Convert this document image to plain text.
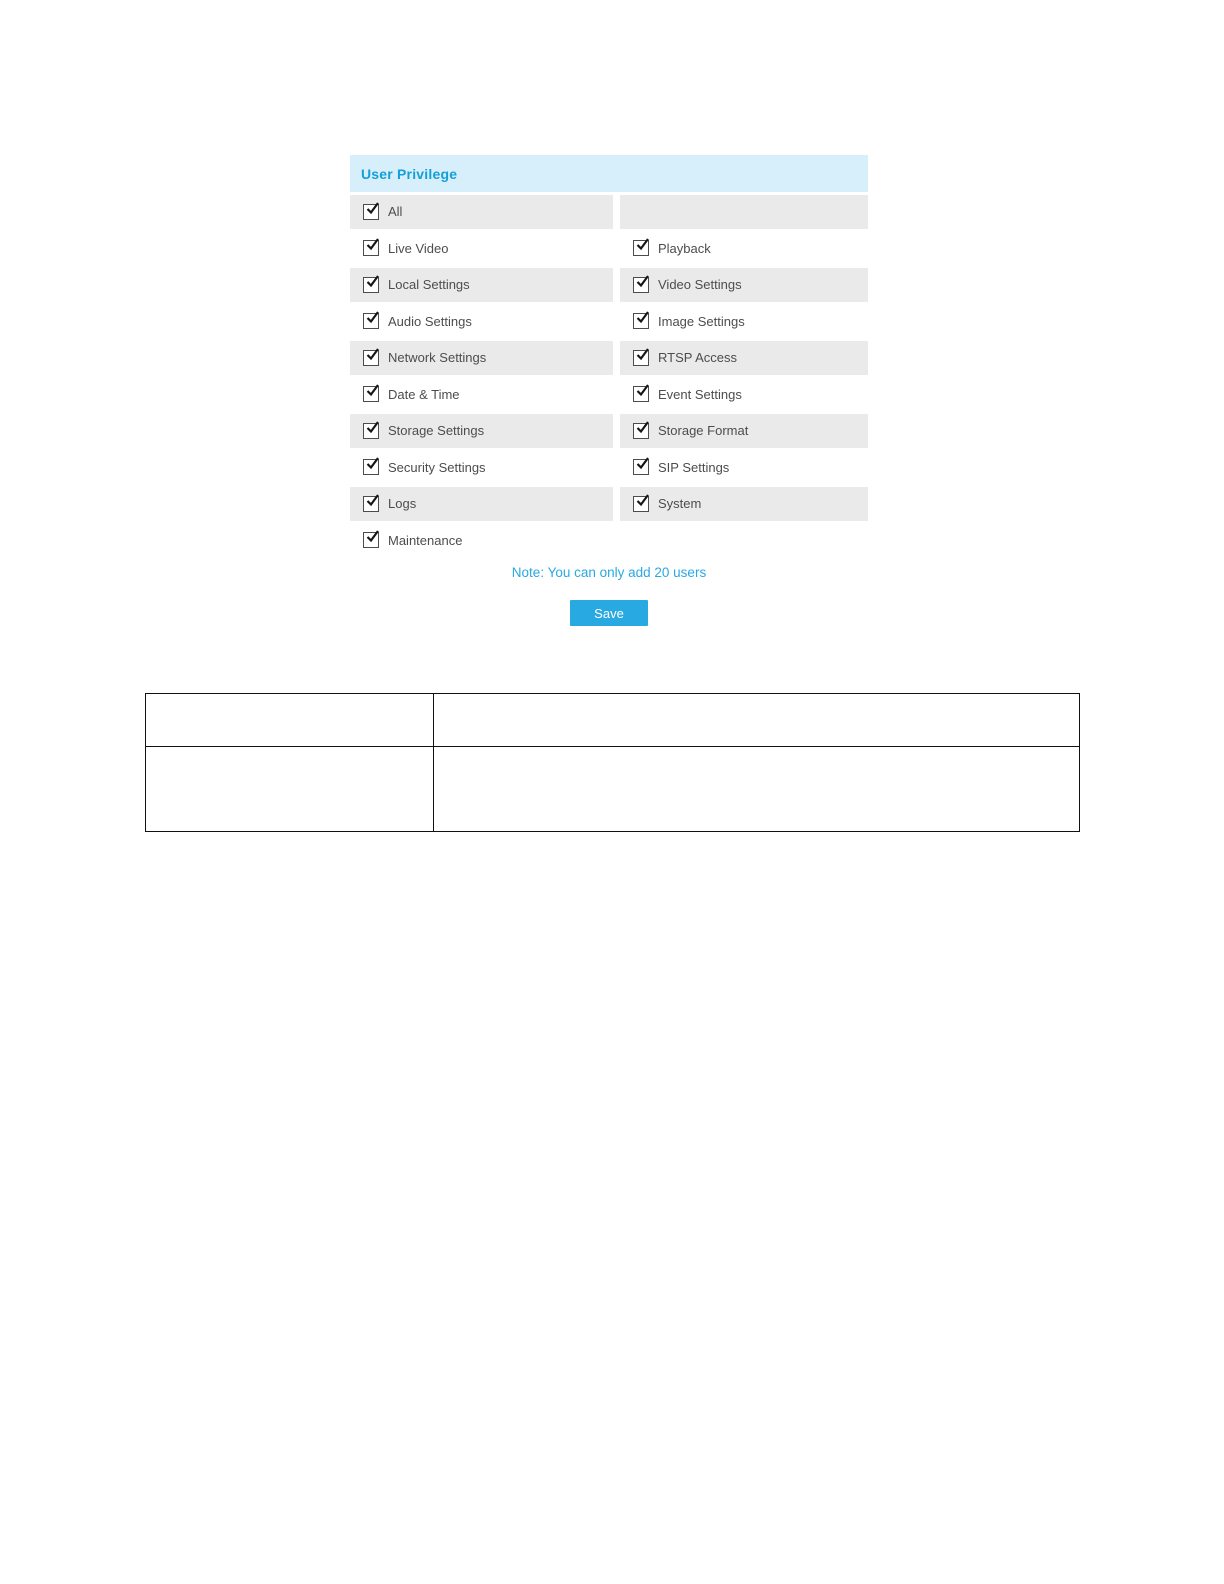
User Privilege
All
Live Video	Playback
Local Settings	Video Settings
Audio Settings	Image Settings
Network Settings	RTSP Access
Date & Time	Event Settings
Storage Settings	Storage Format
Security Settings	SIP Settings
Logs	System
Maintenance
Note: You can only add 20 users
Save
